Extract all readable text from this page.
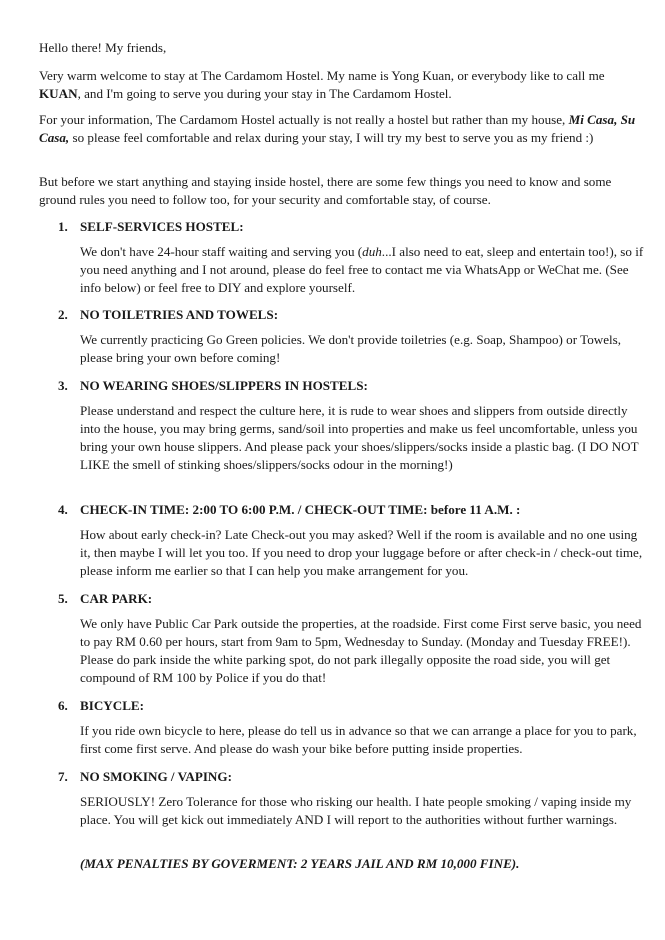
Hello there! My friends,

Very warm welcome to stay at The Cardamom Hostel. My name is Yong Kuan, or everybody like to call me KUAN, and I'm going to serve you during your stay in The Cardamom Hostel.

For your information, The Cardamom Hostel actually is not really a hostel but rather than my house, Mi Casa, Su Casa, so please feel comfortable and relax during your stay, I will try my best to serve you as my friend :)

But before we start anything and staying inside hostel, there are some few things you need to know and some ground rules you need to follow too, for your security and comfortable stay, of course.

1. SELF-SERVICES HOSTEL:

We don't have 24-hour staff waiting and serving you (duh...I also need to eat, sleep and entertain too!), so if you need anything and I not around, please do feel free to contact me via WhatsApp or WeChat me. (See info below) or feel free to DIY and explore yourself.

2. NO TOILETRIES AND TOWELS:

We currently practicing Go Green policies. We don't provide toiletries (e.g. Soap, Shampoo) or Towels, please bring your own before coming!

3. NO WEARING SHOES/SLIPPERS IN HOSTELS:

Please understand and respect the culture here, it is rude to wear shoes and slippers from outside directly into the house, you may bring germs, sand/soil into properties and make us feel uncomfortable, unless you bring your own house slippers. And please pack your shoes/slippers/socks inside a plastic bag. (I DO NOT LIKE the smell of stinking shoes/slippers/socks odour in the morning!)

4. CHECK-IN TIME: 2:00 TO 6:00 P.M. / CHECK-OUT TIME: before 11 A.M. :

How about early check-in? Late Check-out you may asked? Well if the room is available and no one using it, then maybe I will let you too. If you need to drop your luggage before or after check-in / check-out time, please inform me earlier so that I can help you make arrangement for you.

5. CAR PARK:

We only have Public Car Park outside the properties, at the roadside. First come First serve basic, you need to pay RM 0.60 per hours, start from 9am to 5pm, Wednesday to Sunday. (Monday and Tuesday FREE!). Please do park inside the white parking spot, do not park illegally opposite the road side, you will get compound of RM 100 by Police if you do that!

6. BICYCLE:

If you ride own bicycle to here, please do tell us in advance so that we can arrange a place for you to park, first come first serve. And please do wash your bike before putting inside properties.

7. NO SMOKING / VAPING:

SERIOUSLY! Zero Tolerance for those who risking our health. I hate people smoking / vaping inside my place. You will get kick out immediately AND I will report to the authorities without further warnings.

(MAX PENALTIES BY GOVERMENT: 2 YEARS JAIL AND RM 10,000 FINE).
